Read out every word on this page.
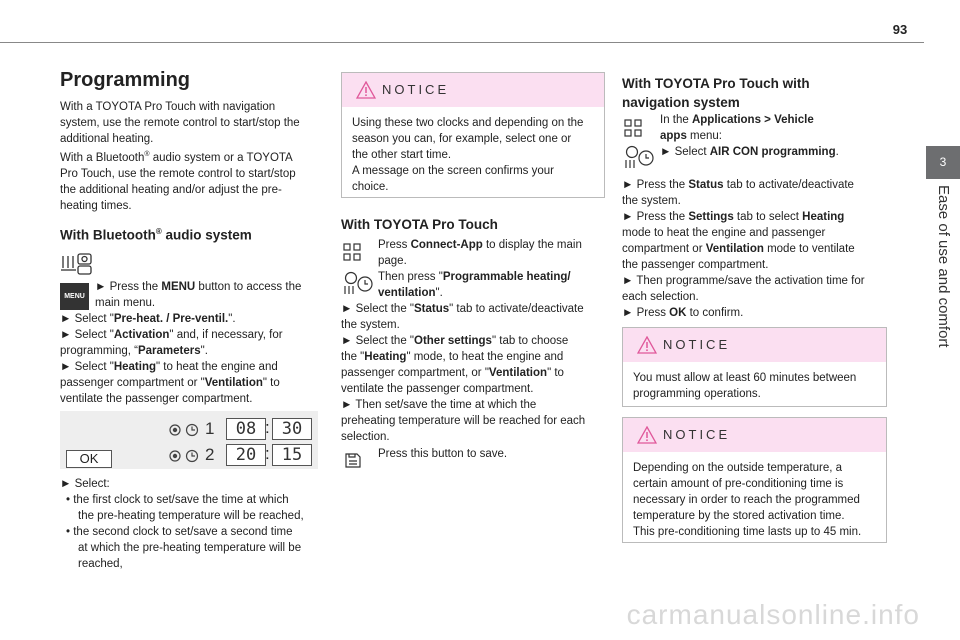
93
3
Ease of use and comfort
Programming

With a TOYOTA Pro Touch with navigation

system, use the remote control to start/stop the

additional heating.

With a Bluetooth® audio system or a TOYOTA

Pro Touch, use the remote control to start/stop

the additional heating and/or adjust the pre-

heating times.

With Bluetooth® audio system
MENU

► Press the MENU button to access the

main menu.

► Select "Pre-heat. / Pre-ventil.".

► Select "Activation" and, if necessary, for

programming, “Parameters".

► Select "Heating" to heat the engine and

passenger compartment or "Ventilation" to

ventilate the passenger compartment.

OK
1	08 : 30
2	20 : 15

► Select:

• the first clock to set/save the time at which

the pre-heating temperature will be reached,

• the second clock to set/save a second time

at which the pre-heating temperature will be

reached,

NOTICE

Using these two clocks and depending on the

season you can, for example, select one or

the other start time.

A message on the screen confirms your

choice.

With TOYOTA Pro Touch

Press Connect-App to display the main

page.

Then press "Programmable heating/

ventilation".

► Select the "Status" tab to activate/deactivate

the system.

► Select the "Other settings" tab to choose

the "Heating" mode, to heat the engine and

passenger compartment, or "Ventilation" to

ventilate the passenger compartment.

► Then set/save the time at which the

preheating temperature will be reached for each

selection.

Press this button to save.

With TOYOTA Pro Touch with
navigation system

In the Applications > Vehicle

apps menu:

► Select AIR CON programming.

► Press the Status tab to activate/deactivate

the system.

► Press the Settings tab to select Heating

mode to heat the engine and passenger

compartment or Ventilation mode to ventilate

the passenger compartment.

► Then programme/save the activation time for

each selection.

► Press OK to confirm.

NOTICE

You must allow at least 60 minutes between

programming operations.

NOTICE

Depending on the outside temperature, a

certain amount of pre-conditioning time is

necessary in order to reach the programmed

temperature by the stored activation time.

This pre-conditioning time lasts up to 45 min.

carmanualsonline.info
